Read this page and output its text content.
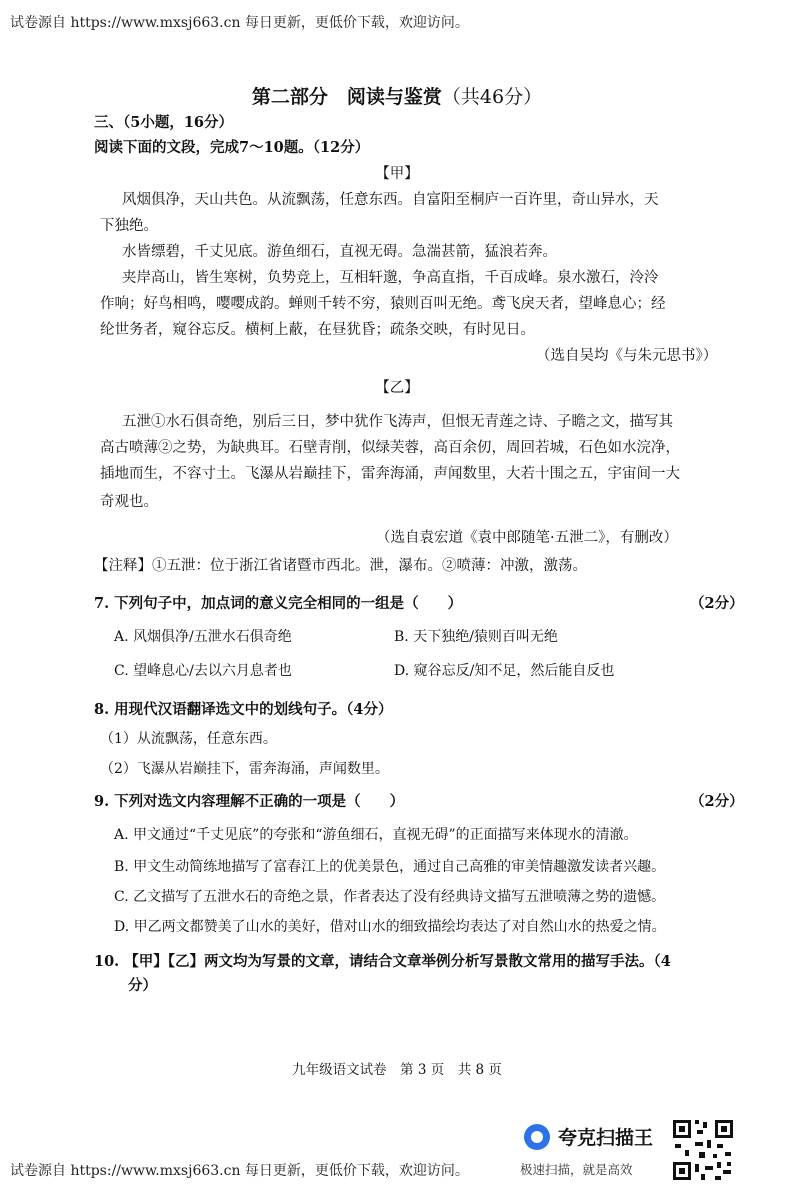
试卷源自 https://www.mxsj663.cn 每日更新，更低价下载，欢迎访问。
第二部分　阅读与鉴赏（共46分）
三、（5小题，16分）
阅读下面的文段，完成7～10题。（12分）
【甲】
风烟俱净，天山共色。从流飘荡，任意东西。自富阳至桐庐一百许里，奇山异水，天
下独绝。
水皆缥碧，千丈见底。游鱼细石，直视无碍。急湍甚箭，猛浪若奔。
夹岸高山，皆生寒树，负势竞上，互相轩邈，争高直指，千百成峰。泉水激石，泠泠
作响；好鸟相鸣，嘤嘤成韵。蝉则千转不穷，猿则百叫无绝。鸢飞戾天者，望峰息心；经
纶世务者，窥谷忘反。横柯上蔽，在昼犹昏；疏条交映，有时见日。
（选自吴均《与朱元思书》）
【乙】
五泄①水石俱奇绝，别后三日，梦中犹作飞涛声，但恨无青莲之诗、子瞻之文，描写其
高古喷薄②之势，为缺典耳。石壁青削，似绿芙蓉，高百余仞，周回若城，石色如水浣净，
插地而生，不容寸土。飞瀑从岩巅挂下，雷奔海涌，声闻数里，大若十围之五，宇宙间一大
奇观也。
（选自袁宏道《袁中郎随笔·五泄二》，有删改）
【注释】①五泄：位于浙江省诸暨市西北。泄，瀑布。②喷薄：冲激，激荡。
7. 下列句子中，加点词的意义完全相同的一组是（　　）	（2分）
A. 风烟俱净/五泄水石俱奇绝	B. 天下独绝/猿则百叫无绝
C. 望峰息心/去以六月息者也	D. 窥谷忘反/知不足，然后能自反也
8. 用现代汉语翻译选文中的划线句子。（4分）
（1）从流飘荡，任意东西。
（2）飞瀑从岩巅挂下，雷奔海涌，声闻数里。
9. 下列对选文内容理解不正确的一项是（　　）	（2分）
A. 甲文通过“千丈见底”的夸张和“游鱼细石，直视无碍”的正面描写来体现水的清澈。
B. 甲文生动简练地描写了富春江上的优美景色，通过自己高雅的审美情趣激发读者兴趣。
C. 乙文描写了五泄水石的奇绝之景，作者表达了没有经典诗文描写五泄喷薄之势的遗憾。
D. 甲乙两文都赞美了山水的美好，借对山水的细致描绘均表达了对自然山水的热爱之情。
10. 【甲】【乙】两文均为写景的文章，请结合文章举例分析写景散文常用的描写手法。（4
分）
九年级语文试卷　第 3 页　共 8 页
试卷源自 https://www.mxsj663.cn 每日更新，更低价下载，欢迎访问。
夸克扫描王
极速扫描，就是高效
